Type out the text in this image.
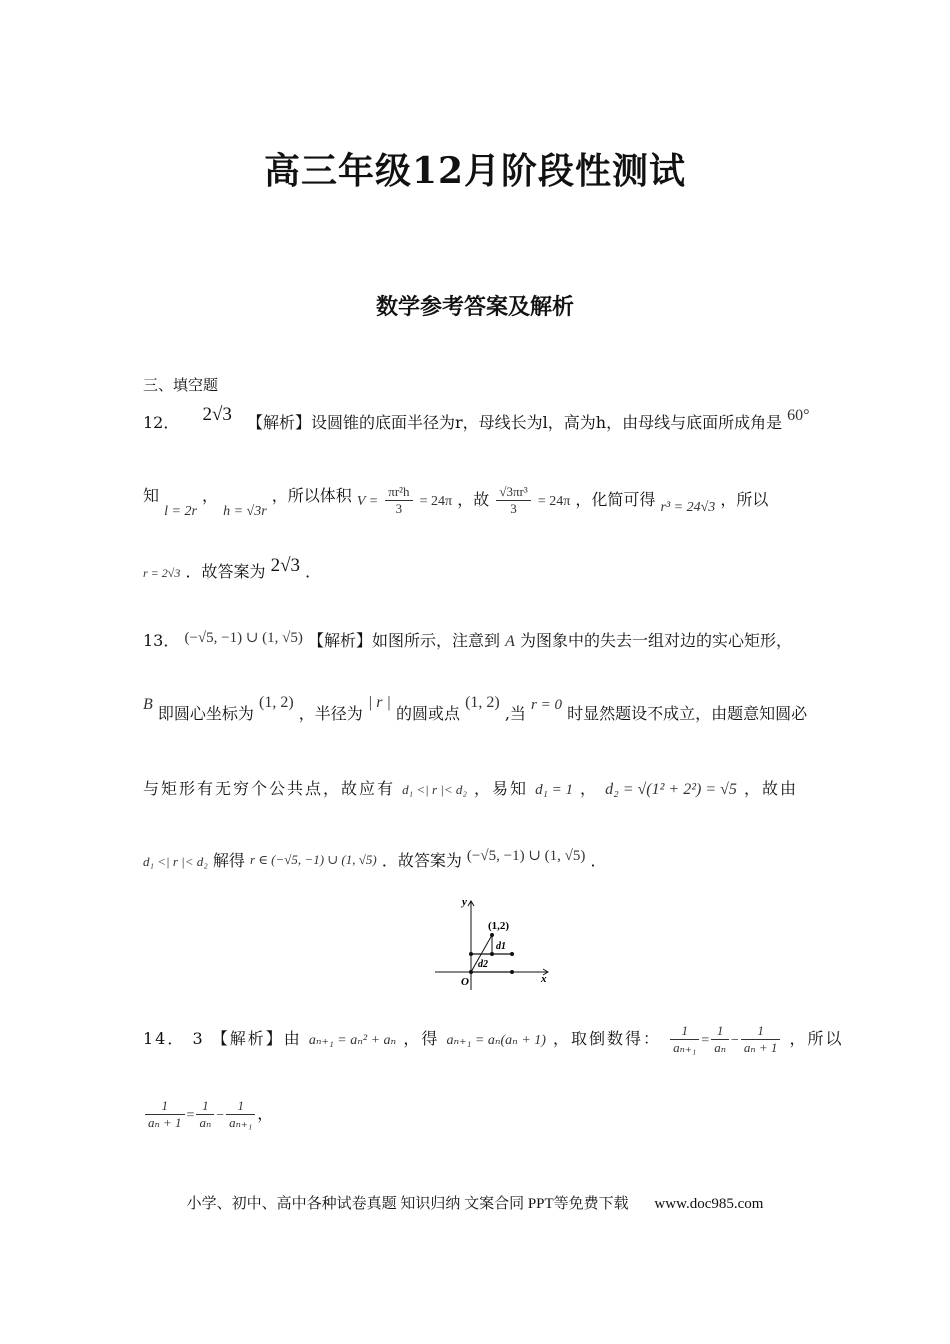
高三年级12月阶段性测试
数学参考答案及解析
三、填空题
12． 2√3 【解析】设圆锥的底面半径为r，母线长为l，高为h，由母线与底面所成角是 60°
知 l = 2r ， h = √3r ，所以体积 $V = \frac{\text{πr²h}}{3} = 24\pi$ ，故 $\frac{\text{√3πr³}}{3} = 24\pi$ ，化简可得 r³ = 24√3 ，所以
r = 2√3 ．故答案为 2√3 ．
13． (−√5, −1) ∪ (1, √5) 【解析】如图所示，注意到 A 为图象中的失去一组对边的实心矩形，
B 即圆心坐标为 (1, 2) ，半径为 | r | 的圆或点 (1, 2) ,当 r = 0 时显然题设不成立，由题意知圆必
与矩形有无穷个公共点，故应有 d₁ <| r |< d₂ ，易知 d₁ = 1 ， d₂ = √(1² + 2²) = √5 ，故由
d₁ <| r |< d₂ 解得 r ∈ (−√5, −1) ∪ (1, √5) ．故答案为 (−√5, −1) ∪ (1, √5) ．
y
x
O
(1,2)
d1
d2
14． 3 【解析】由 aₙ₊₁ = aₙ² + aₙ ，得 aₙ₊₁ = aₙ(aₙ + 1) ，取倒数得： $\frac{1}{\text{aₙ₊₁}} = \frac{1}{\text{aₙ}} - \frac{1}{\text{aₙ + 1}}$ ，所以
$\frac{1}{\text{aₙ + 1}} = \frac{1}{\text{aₙ}} - \frac{1}{\text{aₙ₊₁}}$ ，
小学、初中、高中各种试卷真题 知识归纳 文案合同 PPT等免费下载 www.doc985.com
